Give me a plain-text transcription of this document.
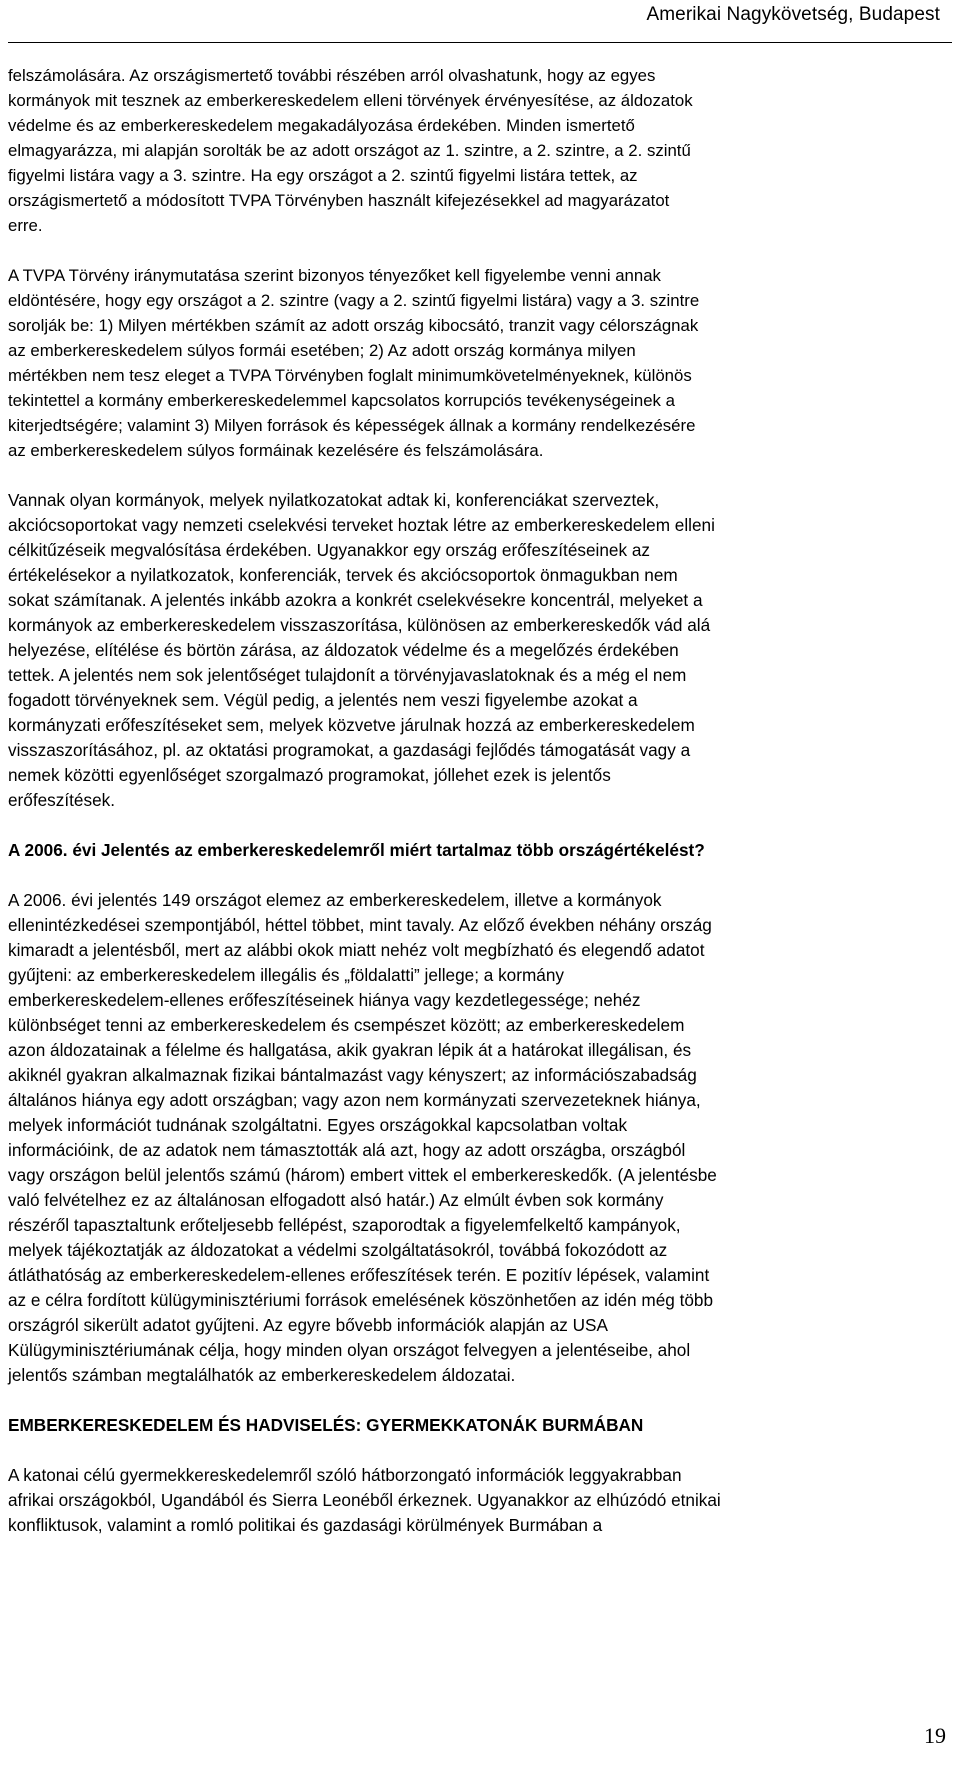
Amerikai Nagykövetség, Budapest
felszámolására. Az országismertető további részében arról olvashatunk, hogy az egyes
kormányok mit tesznek az emberkereskedelem elleni törvények érvényesítése, az áldozatok
védelme és az emberkereskedelem megakadályozása érdekében. Minden ismertető
elmagyarázza, mi alapján sorolták be az adott országot az 1. szintre, a 2. szintre, a 2. szintű
figyelmi listára vagy a 3. szintre. Ha egy országot a 2. szintű figyelmi listára tettek, az
országismertető a módosított TVPA Törvényben használt kifejezésekkel ad magyarázatot
erre.
A TVPA Törvény iránymutatása szerint bizonyos tényezőket kell figyelembe venni annak
eldöntésére, hogy egy országot a 2. szintre (vagy a 2. szintű figyelmi listára) vagy a 3. szintre
sorolják be: 1) Milyen mértékben számít az adott ország kibocsátó, tranzit vagy célországnak
az emberkereskedelem súlyos formái esetében; 2) Az adott ország kormánya milyen
mértékben nem tesz eleget a TVPA Törvényben foglalt minimumkövetelményeknek, különös
tekintettel a kormány emberkereskedelemmel kapcsolatos korrupciós tevékenységeinek a
kiterjedtségére; valamint 3) Milyen források és képességek állnak a kormány rendelkezésére
az emberkereskedelem súlyos formáinak kezelésére és felszámolására.
Vannak olyan kormányok, melyek nyilatkozatokat adtak ki, konferenciákat szerveztek,
akciócsoportokat vagy nemzeti cselekvési terveket hoztak létre az emberkereskedelem elleni
célkitűzéseik megvalósítása érdekében. Ugyanakkor egy ország erőfeszítéseinek az
értékelésekor a nyilatkozatok, konferenciák, tervek és akciócsoportok önmagukban nem
sokat számítanak. A jelentés inkább azokra a konkrét cselekvésekre koncentrál, melyeket a
kormányok az emberkereskedelem visszaszorítása, különösen az emberkereskedők vád alá
helyezése, elítélése és börtön zárása, az áldozatok védelme és a megelőzés érdekében
tettek. A jelentés nem sok jelentőséget tulajdonít a törvényjavaslatoknak és a még el nem
fogadott törvényeknek sem. Végül pedig, a jelentés nem veszi figyelembe azokat a
kormányzati erőfeszítéseket sem, melyek közvetve járulnak hozzá az emberkereskedelem
visszaszorításához, pl. az oktatási programokat, a gazdasági fejlődés támogatását vagy a
nemek közötti egyenlőséget szorgalmazó programokat, jóllehet ezek is jelentős
erőfeszítések.
A 2006. évi Jelentés az emberkereskedelemről miért tartalmaz több országértékelést?
A 2006. évi jelentés 149 országot elemez az emberkereskedelem, illetve a kormányok
ellenintézkedései szempontjából, héttel többet, mint tavaly. Az előző években néhány ország
kimaradt a jelentésből, mert az alábbi okok miatt nehéz volt megbízható és elegendő adatot
gyűjteni: az emberkereskedelem illegális és „földalatti” jellege; a kormány
emberkereskedelem-ellenes erőfeszítéseinek hiánya vagy kezdetlegessége; nehéz
különbséget tenni az emberkereskedelem és csempészet között; az emberkereskedelem
azon áldozatainak a félelme és hallgatása, akik gyakran lépik át a határokat illegálisan, és
akiknél gyakran alkalmaznak fizikai bántalmazást vagy kényszert; az információszabadság
általános hiánya egy adott országban; vagy azon nem kormányzati szervezeteknek hiánya,
melyek információt tudnának szolgáltatni. Egyes országokkal kapcsolatban voltak
információink, de az adatok nem támasztották alá azt, hogy az adott országba, országból
vagy országon belül jelentős számú (három) embert vittek el emberkereskedők. (A jelentésbe
való felvételhez ez az általánosan elfogadott alsó határ.) Az elmúlt évben sok kormány
részéről tapasztaltunk erőteljesebb fellépést, szaporodtak a figyelemfelkeltő kampányok,
melyek tájékoztatják az áldozatokat a védelmi szolgáltatásokról, továbbá fokozódott az
átláthatóság az emberkereskedelem-ellenes erőfeszítések terén. E pozitív lépések, valamint
az e célra fordított külügyminisztériumi források emelésének köszönhetően az idén még több
országról sikerült adatot gyűjteni. Az egyre bővebb információk alapján az USA
Külügyminisztériumának célja, hogy minden olyan országot felvegyen a jelentéseibe, ahol
jelentős számban megtalálhatók az emberkereskedelem áldozatai.
EMBERKERESKEDELEM ÉS HADVISELÉS: GYERMEKKATONÁK BURMÁBAN
A katonai célú gyermekkereskedelemről szóló hátborzongató információk leggyakrabban
afrikai országokból, Ugandából és Sierra Leonéből érkeznek. Ugyanakkor az elhúzódó etnikai
konfliktusok, valamint a romló politikai és gazdasági körülmények Burmában a
19
